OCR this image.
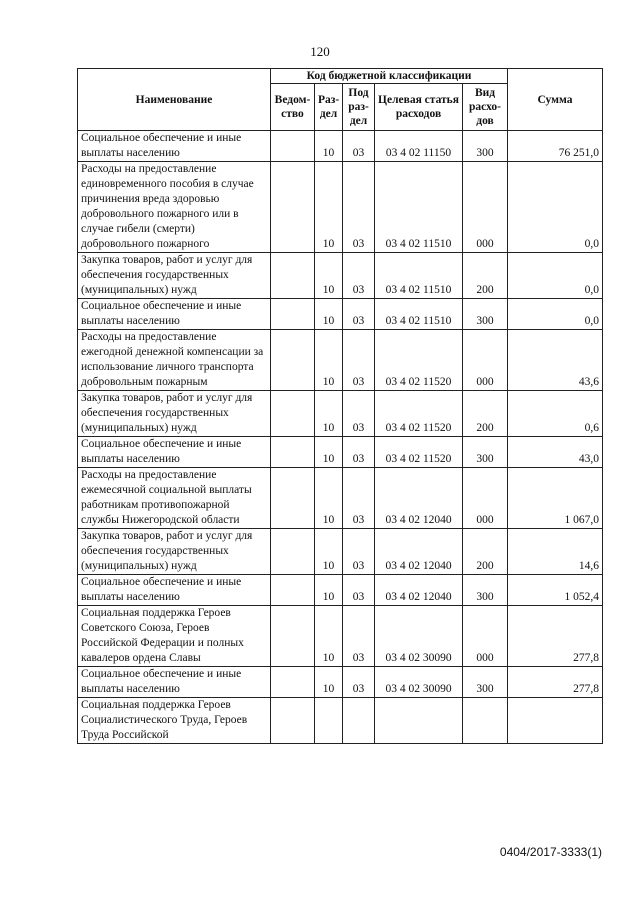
120
Наименование	Код бюджетной классификации					Сумма
	Ведом-ство	Раз-дел	Под раз-дел	Целевая статья расходов	Вид расхо-дов	
Социальное обеспечение и иные выплаты населению		10	03	03 4 02 11150	300	76 251,0
Расходы на предоставление единовременного пособия в случае причинения вреда здоровью добровольного пожарного или в случае гибели (смерти) добровольного пожарного		10	03	03 4 02 11510	000	0,0
Закупка товаров, работ и услуг для обеспечения государственных (муниципальных) нужд		10	03	03 4 02 11510	200	0,0
Социальное обеспечение и иные выплаты населению		10	03	03 4 02 11510	300	0,0
Расходы на предоставление ежегодной денежной компенсации за использование личного транспорта добровольным пожарным		10	03	03 4 02 11520	000	43,6
Закупка товаров, работ и услуг для обеспечения государственных (муниципальных) нужд		10	03	03 4 02 11520	200	0,6
Социальное обеспечение и иные выплаты населению		10	03	03 4 02 11520	300	43,0
Расходы на предоставление ежемесячной социальной выплаты работникам противопожарной службы Нижегородской области		10	03	03 4 02 12040	000	1 067,0
Закупка товаров, работ и услуг для обеспечения государственных (муниципальных) нужд		10	03	03 4 02 12040	200	14,6
Социальное обеспечение и иные выплаты населению		10	03	03 4 02 12040	300	1 052,4
Социальная поддержка Героев Советского Союза, Героев Российской Федерации и полных кавалеров ордена Славы		10	03	03 4 02 30090	000	277,8
Социальное обеспечение и иные выплаты населению		10	03	03 4 02 30090	300	277,8
Социальная поддержка Героев Социалистического Труда, Героев Труда Российской						
0404/2017-3333(1)
